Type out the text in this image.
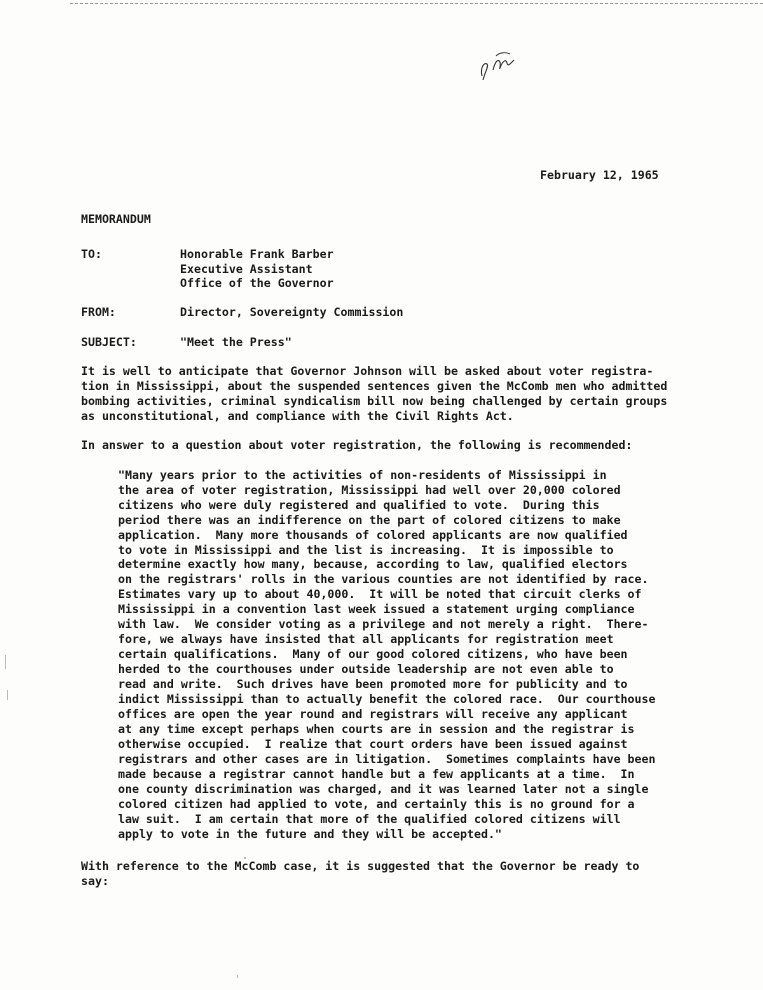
February 12, 1965
MEMORANDUM
TO:	Honorable Frank Barber
Executive Assistant
Office of the Governor
FROM:	Director, Sovereignty Commission
SUBJECT:	"Meet the Press"
It is well to anticipate that Governor Johnson will be asked about voter registra-
tion in Mississippi, about the suspended sentences given the McComb men who admitted
bombing activities, criminal syndicalism bill now being challenged by certain groups
as unconstitutional, and compliance with the Civil Rights Act.
In answer to a question about voter registration, the following is recommended:
"Many years prior to the activities of non-residents of Mississippi in
the area of voter registration, Mississippi had well over 20,000 colored
citizens who were duly registered and qualified to vote.  During this
period there was an indifference on the part of colored citizens to make
application.  Many more thousands of colored applicants are now qualified
to vote in Mississippi and the list is increasing.  It is impossible to
determine exactly how many, because, according to law, qualified electors
on the registrars' rolls in the various counties are not identified by race.
Estimates vary up to about 40,000.  It will be noted that circuit clerks of
Mississippi in a convention last week issued a statement urging compliance
with law.  We consider voting as a privilege and not merely a right.  There-
fore, we always have insisted that all applicants for registration meet
certain qualifications.  Many of our good colored citizens, who have been
herded to the courthouses under outside leadership are not even able to
read and write.  Such drives have been promoted more for publicity and to
indict Mississippi than to actually benefit the colored race.  Our courthouse
offices are open the year round and registrars will receive any applicant
at any time except perhaps when courts are in session and the registrar is
otherwise occupied.  I realize that court orders have been issued against
registrars and other cases are in litigation.  Sometimes complaints have been
made because a registrar cannot handle but a few applicants at a time.  In
one county discrimination was charged, and it was learned later not a single
colored citizen had applied to vote, and certainly this is no ground for a
law suit.  I am certain that more of the qualified colored citizens will
apply to vote in the future and they will be accepted."
With reference to the McComb case, it is suggested that the Governor be ready to
say:
